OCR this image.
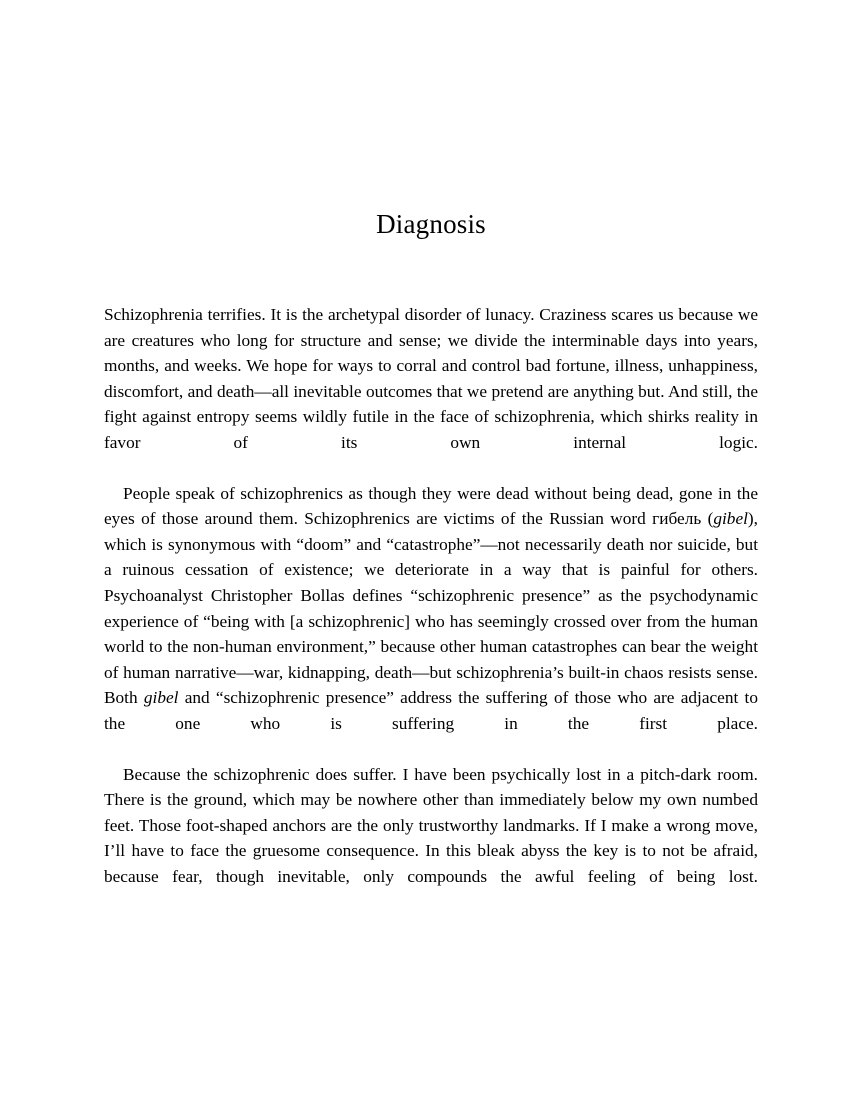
Diagnosis

Schizophrenia terrifies. It is the archetypal disorder of lunacy. Craziness scares us because we are creatures who long for structure and sense; we divide the interminable days into years, months, and weeks. We hope for ways to corral and control bad fortune, illness, unhappiness, discomfort, and death—all inevitable outcomes that we pretend are anything but. And still, the fight against entropy seems wildly futile in the face of schizophrenia, which shirks reality in favor of its own internal logic.

People speak of schizophrenics as though they were dead without being dead, gone in the eyes of those around them. Schizophrenics are victims of the Russian word гибель (gibel), which is synonymous with “doom” and “catastrophe”—not necessarily death nor suicide, but a ruinous cessation of existence; we deteriorate in a way that is painful for others. Psychoanalyst Christopher Bollas defines “schizophrenic presence” as the psychodynamic experience of “being with [a schizophrenic] who has seemingly crossed over from the human world to the non-human environment,” because other human catastrophes can bear the weight of human narrative—war, kidnapping, death—but schizophrenia’s built-in chaos resists sense. Both gibel and “schizophrenic presence” address the suffering of those who are adjacent to the one who is suffering in the first place.

Because the schizophrenic does suffer. I have been psychically lost in a pitch-dark room. There is the ground, which may be nowhere other than immediately below my own numbed feet. Those foot-shaped anchors are the only trustworthy landmarks. If I make a wrong move, I’ll have to face the gruesome consequence. In this bleak abyss the key is to not be afraid, because fear, though inevitable, only compounds the awful feeling of being lost.
